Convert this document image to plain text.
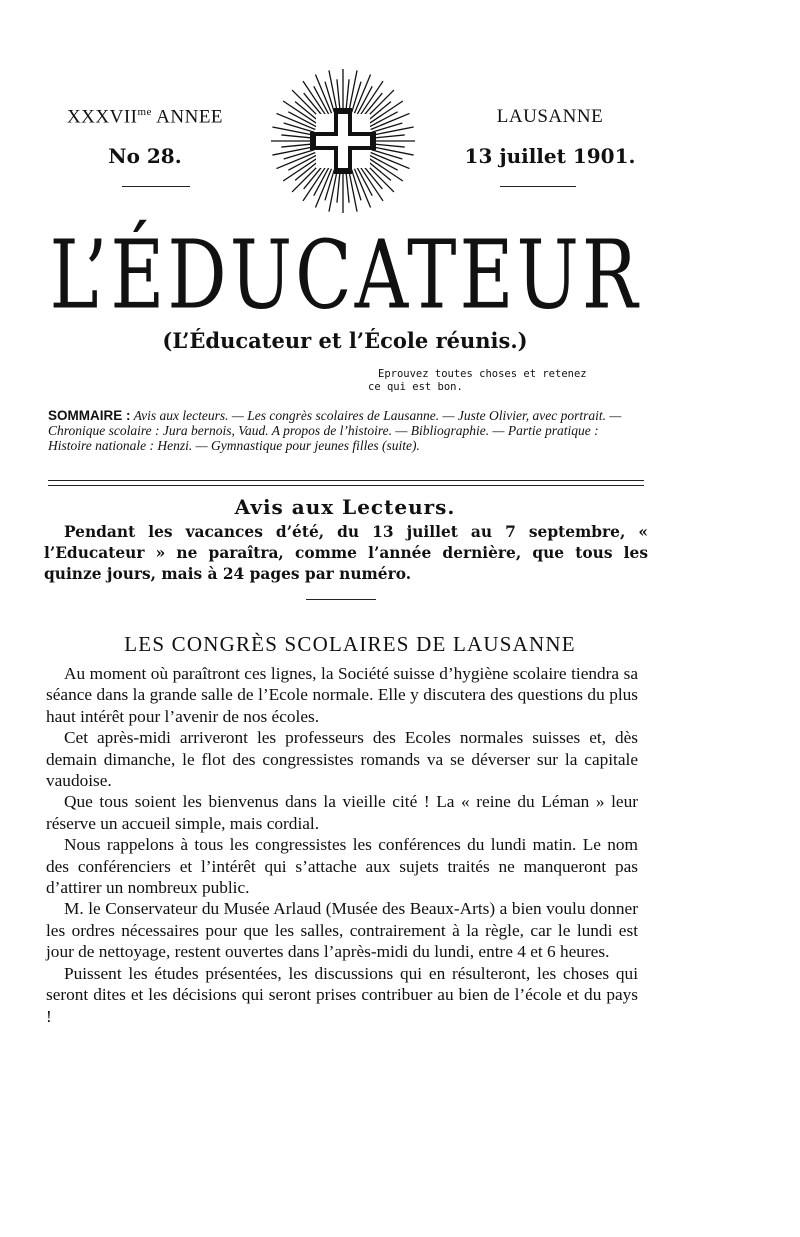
$XXXVII^{me}$ ANNEE
No 28.
LAUSANNE
13 juillet 1901.
L’ÉDUCATEUR
(L’Éducateur et l’École réunis.)
Eprouvez toutes choses et retenez
ce qui est bon.
SOMMAIRE : Avis aux lecteurs. — Les congrès scolaires de Lausanne. — Juste Olivier, avec portrait. — Chronique scolaire : Jura bernois, Vaud. A propos de l’histoire. — Bibliographie. — Partie pratique : Histoire nationale : Henzi. — Gymnastique pour jeunes filles (suite).
Avis aux Lecteurs.

Pendant les vacances d’été, du 13 juillet au 7 septembre, « l’Educateur » ne paraîtra, comme l’année dernière, que tous les quinze jours, mais à 24 pages par numéro.

LES CONGRÈS SCOLAIRES DE LAUSANNE

Au moment où paraîtront ces lignes, la Société suisse d’hygiène scolaire tiendra sa séance dans la grande salle de l’Ecole normale. Elle y discutera des questions du plus haut intérêt pour l’avenir de nos écoles.

Cet après-midi arriveront les professeurs des Ecoles normales suisses et, dès demain dimanche, le flot des congressistes romands va se déverser sur la capitale vaudoise.

Que tous soient les bienvenus dans la vieille cité ! La « reine du Léman » leur réserve un accueil simple, mais cordial.

Nous rappelons à tous les congressistes les conférences du lundi matin. Le nom des conférenciers et l’intérêt qui s’attache aux sujets traités ne manqueront pas d’attirer un nombreux public.

M. le Conservateur du Musée Arlaud (Musée des Beaux-Arts) a bien voulu donner les ordres nécessaires pour que les salles, contrairement à la règle, car le lundi est jour de nettoyage, restent ouvertes dans l’après-midi du lundi, entre 4 et 6 heures.

Puissent les études présentées, les discussions qui en résulteront, les choses qui seront dites et les décisions qui seront prises contribuer au bien de l’école et du pays !
